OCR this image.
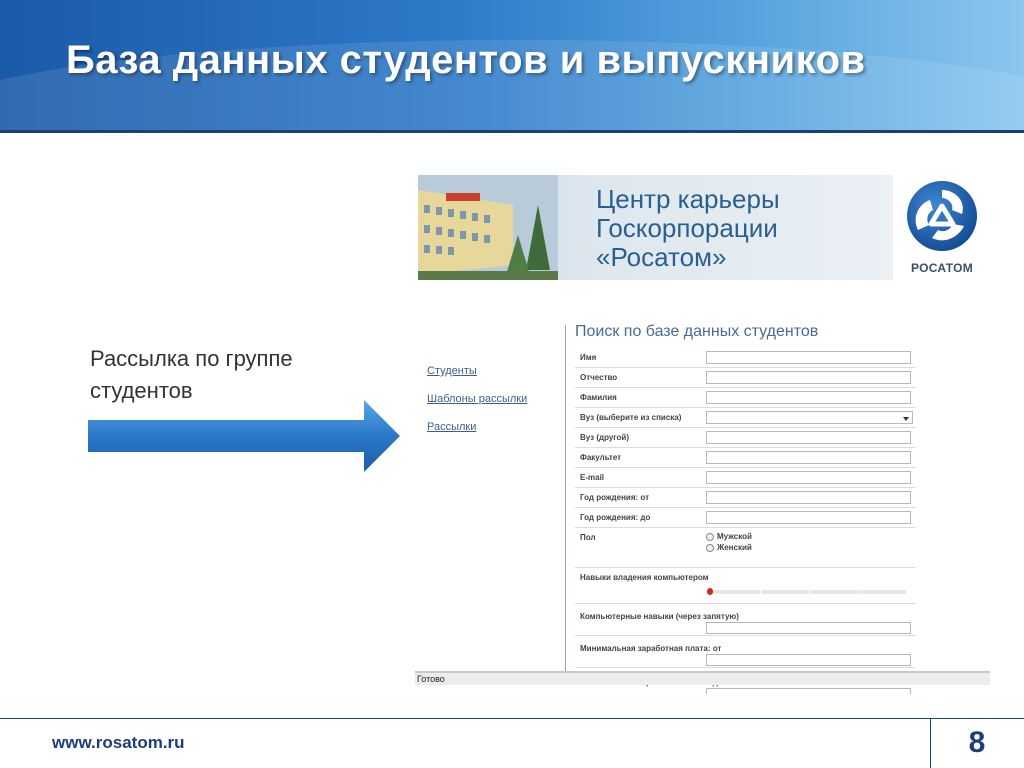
База данных студентов и выпускников
Рассылка по группе студентов
Центр карьеры
Госкорпорации
«Росатом»	РОСАТОМ
Студенты
Шаблоны рассылки
Рассылки
Поиск по базе данных студентов
Имя
Отчество
Фамилия
Вуз (выберите из списка)
Вуз (другой)
Факультет
E-mail
Год рождения: от
Год рождения: до
Пол	Мужской
Женский
Навыки владения компьютером
Компьютерные навыки (через запятую)
Минимальная заработная плата: от
Готово
www.rosatom.ru	8
